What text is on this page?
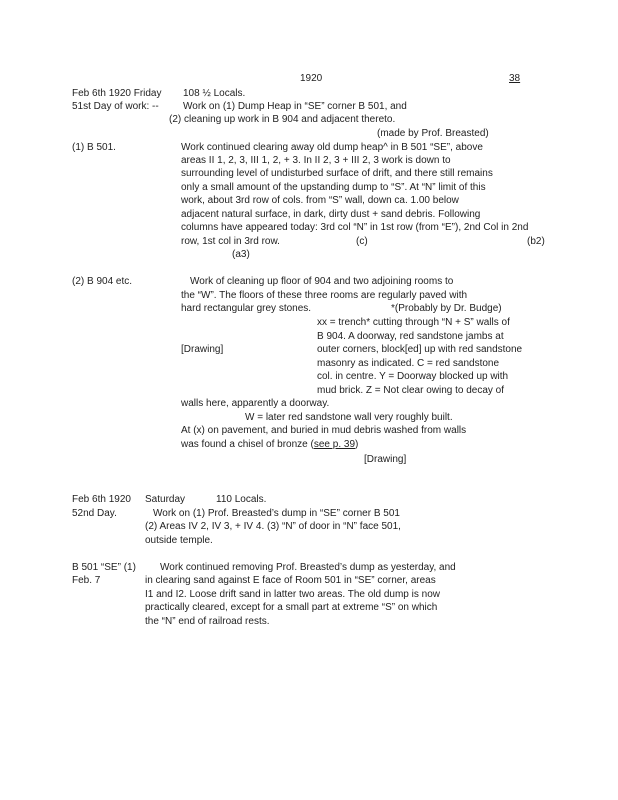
1920	38
Feb 6th 1920 Friday 108 ½ Locals.
51st Day of work: -- Work on (1) Dump Heap in “SE” corner B 501, and
(2) cleaning up work in B 904 and adjacent thereto.
(made by Prof. Breasted)
(1) B 501.	Work continued clearing away old dump heap^ in B 501 “SE”, above
areas II 1, 2, 3, III 1, 2, + 3. In II 2, 3 + III 2, 3 work is down to
surrounding level of undisturbed surface of drift, and there still remains
only a small amount of the upstanding dump to “S”. At “N” limit of this
work, about 3rd row of cols. from “S” wall, down ca. 1.00 below
adjacent natural surface, in dark, dirty dust + sand debris. Following
columns have appeared today: 3rd col “N” in 1st row (from “E”), 2nd Col in 2nd
row, 1st col in 3rd row.	(c)	(b2)
(a3)
(2) B 904 etc.	Work of cleaning up floor of 904 and two adjoining rooms to
the “W”. The floors of these three rooms are regularly paved with
hard rectangular grey stones.	*(Probably by Dr. Budge)
xx = trench* cutting through “N + S” walls of
B 904. A doorway, red sandstone jambs at
[Drawing]	outer corners, block[ed] up with red sandstone
masonry as indicated. C = red sandstone
col. in centre. Y = Doorway blocked up with
mud brick. Z = Not clear owing to decay of
walls here, apparently a doorway.
W = later red sandstone wall very roughly built.
At (x) on pavement, and buried in mud debris washed from walls
was found a chisel of bronze (see p. 39)
[Drawing]
Feb 6th 1920 Saturday	110 Locals.
52nd Day.	Work on (1) Prof. Breasted’s dump in “SE” corner B 501
(2) Areas IV 2, IV 3, + IV 4. (3) “N” of door in “N” face 501,
outside temple.
B 501 “SE” (1)
Feb. 7
Work continued removing Prof. Breasted’s dump as yesterday, and
in clearing sand against E face of Room 501 in “SE” corner, areas
I1 and I2. Loose drift sand in latter two areas. The old dump is now
practically cleared, except for a small part at extreme “S” on which
the “N” end of railroad rests.
